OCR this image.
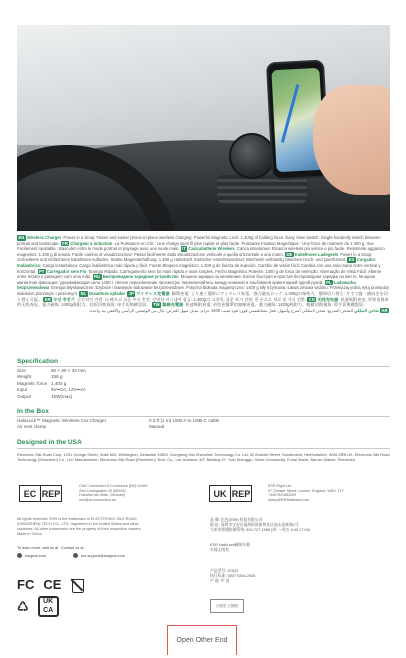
EN Wireless Charger Power in a Snap: Faster and easier phone-in-place wireless charging. Powerful Magnetic Lock: 1,400g of holding force. Easy View Switch: Single-handedly switch between portrait and landscape. FR Chargeur à induction La Puissance en Clic : Une charge sans fil plus rapide et plus facile. Puissante Fixation Magnétique : Une force de maintien de 1 400 g. Vue Facilement Ajustable : Basculez entre le mode portrait et paysage avec une seule main. IT Caricabatterie Wireless Carica istantanea: Ricarica wireless più veloce e più facile. Resistente aggancio magnetico: 1.400 g di tenuta. Facile cambio di visualizzazione: Passa facilmente dalla visualizzazione verticale a quella orizzontale a una mano. DE Kabelloses Ladegerät Power in a Snap: Schnelleres und einfacheres kabelloses Aufladen. Starke Magnetanhaftung: 1.400 g Haltekraft. Einfacher Ansichtswechsel: Wechseln einhändig zwischen Hoch- und Querformat. ES Cargador Inalámbrico Carga instantánea: Carga inalámbrica más rápida y fácil. Fuerte Bloqueo magnético: 1.400 g de fuerza de sujeción. Cambio de visión fácil: Cambia con una sola mano entre vertical y horizontal. PT Carregador sem Fio Energia Rápida: Carregamento sem fio mais rápido e mais simples. Fecho Magnético Potente: 1400 g de força de retenção. Alternação de Vista Fácil: Alterne entre retrato e paisagem com uma mão. RU Беспроводное зарядное устройство Мощная зарядка за мгновение: Более быстрая и простая беспроводная зарядка на месте. Мощная магнитная фиксация: удерживающая сила 1400 г. Легкое переключение просмотра: переключайтесь между книжной и альбомной ориентацией одной рукой. PL Ładowarka bezprzewodowa Energia Błyskawicznie: Szybsze i łatwiejsze ładowanie bezprzewodowe. Potężna blokada magnetyczna: 1400 g siły trzymania. Łatwa zmiana widoku: Przełączaj jedną ręką pomiędzy widokiem pionowym i poziomym. NL Draadloze oplader JP ワイヤレス充電器 瞬間充電: より速く簡単にワイヤレス充電。強力磁気ロック: 1,400gの保持力。簡単切り替え: 片手で縦・横向きを切り替え可能。 KR 무선 충전기 순간적인 전원: 더 빠르고 쉬운 무선 충전. 강력한 마그네틱 잠금: 1,400g의 고정력. 쉬운 보기 전환: 한 손으로 세로 및 가로 전환. CN 无线充电器 快速吸附充电: 更快更简单的无线充电。强力磁吸: 1400g吸附力。轻松切换视角: 单手切换横竖屏。 TW 無線充電器 快速吸附充電: 更快更簡單的無線充電。強力磁吸: 1400g吸附力。輕鬆切換視角: 單手切換橫豎屏。

ARشاحن لاسلكي الشحن السريع: شحن لاسلكي أسرع وأسهل. قفل مغناطيسي قوي: قوة تثبيت 1400 جرام. تبديل سهل للعرض: بدّل بين الوضعين الرأسي والأفقي بيد واحدة.

Specification
Size	90 × 80 × 32 mm
Weight	156 g
Magnetic force 1,400 g
Input	9V⎓2A, 12V⎓2A
Output	15W(max)
In the Box
HaloLock™ Magnetic Wireless Car Charger
Air vent clamp
0.3 ft (1 m) USB-A to USB-C cable
Manual
Designed in the USA
Electronic Silk Road Corp. 1201 Orange Street, Suite 600, Wilmington, Delaware 19801. Dongfeng Silu Shenzhen Technology Co. Ltd. 52 Arundel Street, Sunderland, Hertfordshire, WD6 2RB UK. Electronic Silk Road Technology (Shenzhen) Co., Ltd. Manufacturer: Electronic Silk Road (Shenzhen) Tech. Co., Ltd. Address: 4/F, Building 47, Yufu Shenggu, Xinhe Community, Fuhai Street, Bao'an District, Shenzhen.
EC REP
C&E Connection E-Commerce (DE) GmbH
Zum Linnegraben 20 (65933)
Frankfurt am Main, Germany
info@ce-connection.de
UK REP
ESR Right Ltd.
57 Chester Street, London, England, WW1 1YY
+4407541583209
ukrep@ESRlinkmark.com
All rights reserved. ESR is the trademark of ELECTRONIC SILK ROAD (SHENZHEN) TECH CO., LTD. registered in the United States and other countries. All other trademarks are the property of their respective owners. Made in China.
To learn more, visit us at Contact us at
esrgear.com	esr-support@esrgear.com
FC CE
♺ UK
CA
品 牌: 亿色(ESR) 科技有限公司
地 址: 深圳市宝安区福海街道新和社区福永星辉路1号
大州市影搜影城系统: 400-727-1966 (周一~周五 9:00-17:00)
ESR HaloLock磁吸车载
车载无线充
产品型号: 2C522
执行标准: GB/T 9254-2008
产 地: 中 国
日期见 日期贴
Open Other End
